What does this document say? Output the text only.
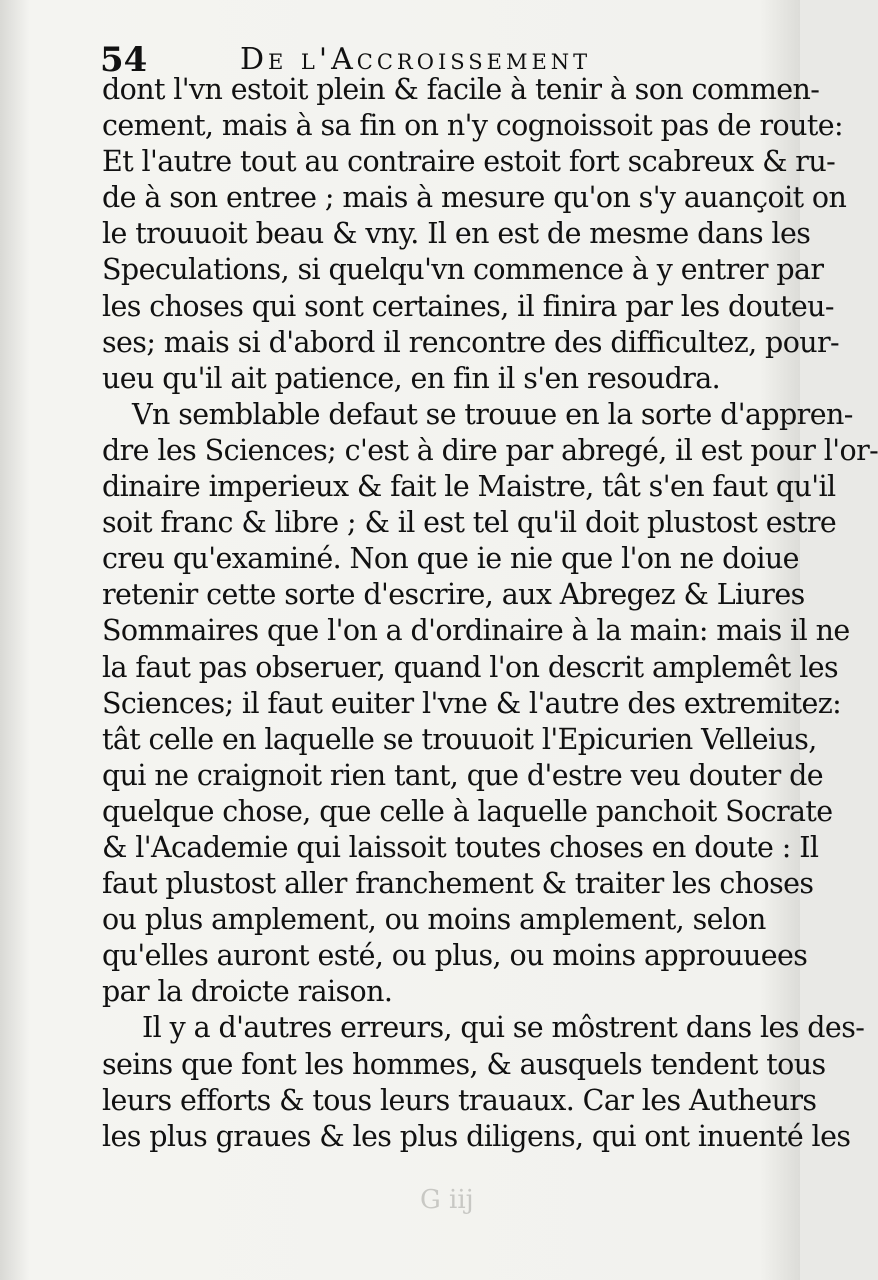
54	De l'Accroissement
dont l'vn estoit plein & facile à tenir à son commen-
cement, mais à sa fin on n'y cognoissoit pas de route:
Et l'autre tout au contraire estoit fort scabreux & ru-
de à son entree ; mais à mesure qu'on s'y auançoit on
le trouuoit beau & vny. Il en est de mesme dans les
Speculations, si quelqu'vn commence à y entrer par
les choses qui sont certaines, il finira par les douteu-
ses; mais si d'abord il rencontre des difficultez, pour-
ueu qu'il ait patience, en fin il s'en resoudra.
Vn semblable defaut se trouue en la sorte d'appren-
dre les Sciences; c'est à dire par abregé, il est pour l'or-
dinaire imperieux & fait le Maistre, tât s'en faut qu'il
soit franc & libre ; & il est tel qu'il doit plustost estre
creu qu'examiné. Non que ie nie que l'on ne doiue
retenir cette sorte d'escrire, aux Abregez & Liures
Sommaires que l'on a d'ordinaire à la main: mais il ne
la faut pas obseruer, quand l'on descrit amplemêt les
Sciences; il faut euiter l'vne & l'autre des extremitez:
tât celle en laquelle se trouuoit l'Epicurien Velleius,
qui ne craignoit rien tant, que d'estre veu douter de
quelque chose, que celle à laquelle panchoit Socrate
& l'Academie qui laissoit toutes choses en doute : Il
faut plustost aller franchement & traiter les choses
ou plus amplement, ou moins amplement, selon
qu'elles auront esté, ou plus, ou moins approuuees
par la droicte raison.
Il y a d'autres erreurs, qui se môstrent dans les des-
seins que font les hommes, & ausquels tendent tous
leurs efforts & tous leurs trauaux. Car les Autheurs
les plus graues & les plus diligens, qui ont inuenté les
G iij
